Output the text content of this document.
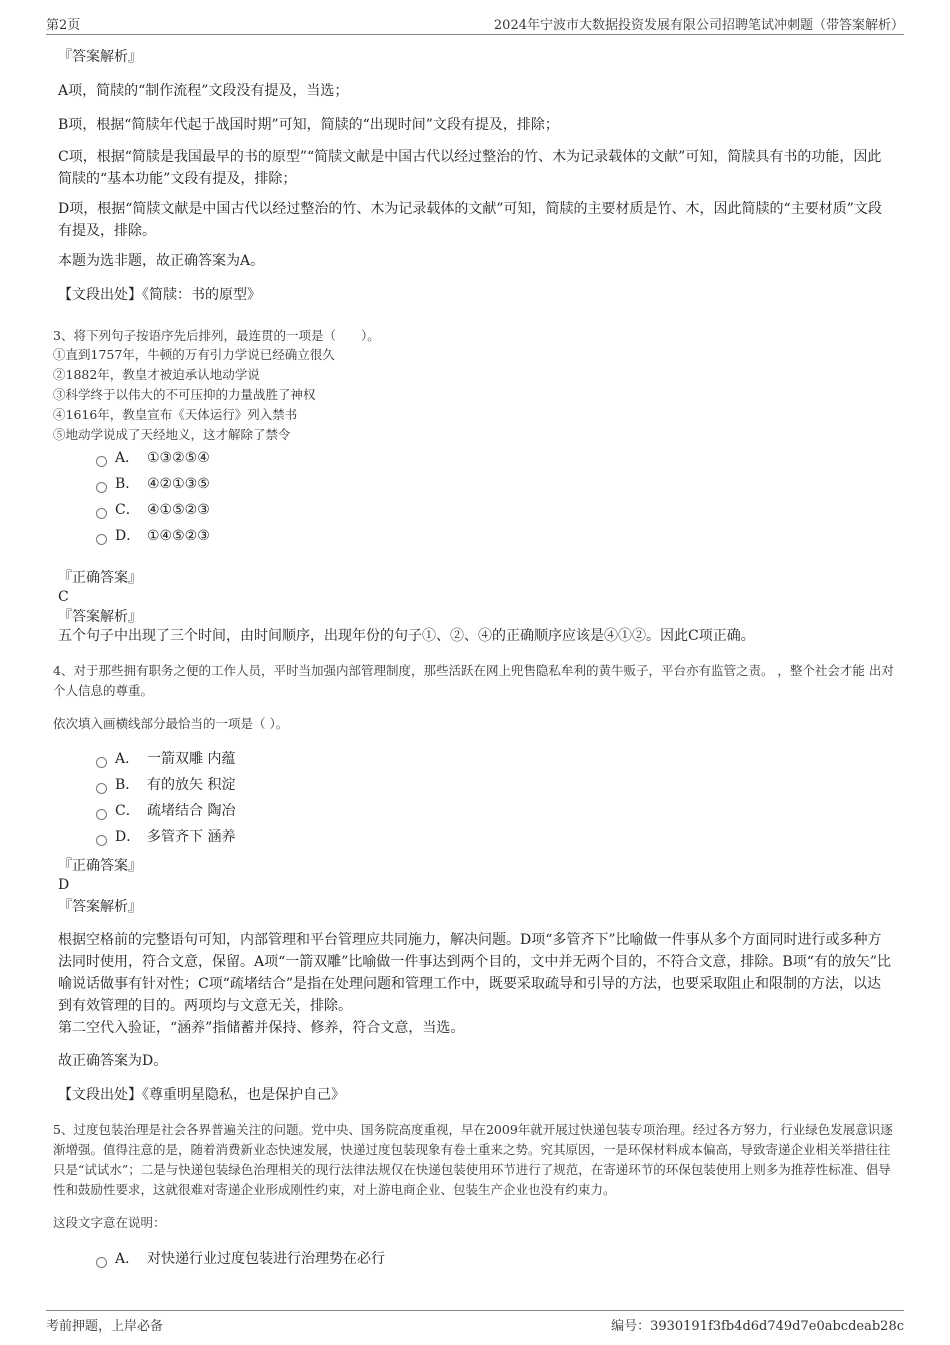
第2页	2024年宁波市大数据投资发展有限公司招聘笔试冲刺题（带答案解析）
『答案解析』
A项，简牍的“制作流程”文段没有提及，当选；
B项，根据“简牍年代起于战国时期”可知，简牍的“出现时间”文段有提及，排除；
C项，根据“简牍是我国最早的书的原型”“简牍文献是中国古代以经过整治的竹、木为记录载体的文献”可知，简牍具有书的功能，因此简牍的“基本功能”文段有提及，排除；
D项，根据“简牍文献是中国古代以经过整治的竹、木为记录载体的文献”可知，简牍的主要材质是竹、木，因此简牍的“主要材质”文段有提及，排除。
本题为选非题，故正确答案为A。
【文段出处】《简牍：书的原型》
3、将下列句子按语序先后排列，最连贯的一项是（　　）。
①直到1757年，牛顿的万有引力学说已经确立很久
②1882年，教皇才被迫承认地动学说
③科学终于以伟大的不可压抑的力量战胜了神权
④1616年，教皇宣布《天体运行》列入禁书
⑤地动学说成了天经地义，这才解除了禁令
A． ①③②⑤④
B． ④②①③⑤
C． ④①⑤②③
D． ①④⑤②③
『正确答案』
C
『答案解析』
五个句子中出现了三个时间，由时间顺序，出现年份的句子①、②、④的正确顺序应该是④①②。因此C项正确。
4、对于那些拥有职务之便的工作人员，平时当加强内部管理制度，那些活跃在网上兜售隐私牟利的黄牛贩子，平台亦有监管之责。 ，整个社会才能 出对个人信息的尊重。
依次填入画横线部分最恰当的一项是（ ）。
A． 一箭双雕 内蕴
B． 有的放矢 积淀
C． 疏堵结合 陶冶
D． 多管齐下 涵养
『正确答案』
D
『答案解析』
根据空格前的完整语句可知，内部管理和平台管理应共同施力，解决问题。D项“多管齐下”比喻做一件事从多个方面同时进行或多种方法同时使用，符合文意，保留。A项“一箭双雕”比喻做一件事达到两个目的，文中并无两个目的，不符合文意，排除。B项“有的放矢”比喻说话做事有针对性；C项“疏堵结合”是指在处理问题和管理工作中，既要采取疏导和引导的方法，也要采取阻止和限制的方法，以达到有效管理的目的。两项均与文意无关，排除。
第二空代入验证，“涵养”指储蓄并保持、修养，符合文意，当选。
故正确答案为D。
【文段出处】《尊重明星隐私，也是保护自己》
5、过度包装治理是社会各界普遍关注的问题。党中央、国务院高度重视，早在2009年就开展过快递包装专项治理。经过各方努力，行业绿色发展意识逐渐增强。值得注意的是，随着消费新业态快速发展，快递过度包装现象有卷土重来之势。究其原因，一是环保材料成本偏高，导致寄递企业相关举措往往只是“试试水”；二是与快递包装绿色治理相关的现行法律法规仅在快递包装使用环节进行了规范，在寄递环节的环保包装使用上则多为推荐性标准、倡导性和鼓励性要求，这就很难对寄递企业形成刚性约束，对上游电商企业、包装生产企业也没有约束力。
这段文字意在说明：
A． 对快递行业过度包装进行治理势在必行
考前押题，上岸必备	编号：3930191f3fb4d6d749d7e0abcdeab28c
